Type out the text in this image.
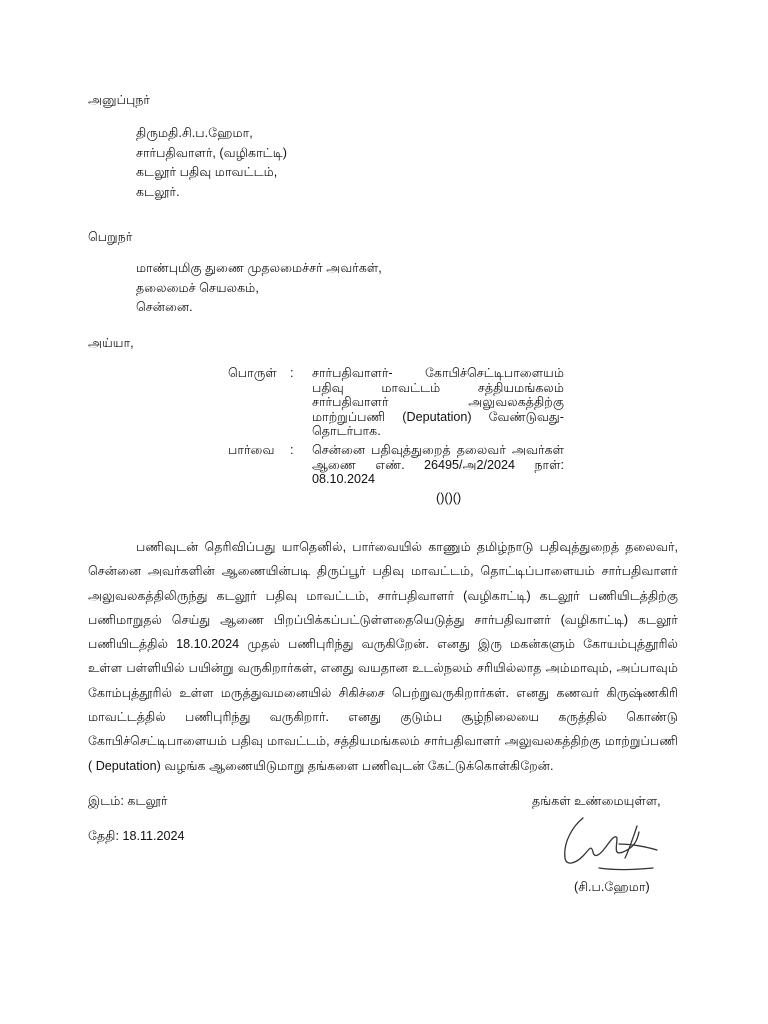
அனுப்புநர்
திருமதி.சி.ப.ஹேமா,
சார்பதிவாளர், (வழிகாட்டி)
கடலூர் பதிவு மாவட்டம்,
கடலூர்.
பெறுநர்
மாண்புமிகு துணை முதலமைச்சர் அவர்கள்,
தலைமைச் செயலகம்,
சென்னை.
அய்யா,
பொருள் : சார்பதிவாளர்- கோபிச்செட்டிபாளையம் பதிவு மாவட்டம் சத்தியமங்கலம் சார்பதிவாளர் அலுவலகத்திற்கு மாற்றுப்பணி (Deputation) வேண்டுவது- தொடர்பாக.
பார்வை : சென்னை பதிவுத்துறைத் தலைவர் அவர்கள் ஆணை எண். 26495/அ2/2024 நாள்: 08.10.2024
()()()
பணிவுடன் தெரிவிப்பது யாதெனில், பார்வையில் காணும் தமிழ்நாடு பதிவுத்துறைத் தலைவர், சென்னை அவர்களின் ஆணையின்படி திருப்பூர் பதிவு மாவட்டம், தொட்டிப்பாளையம் சார்பதிவாளர் அலுவலகத்திலிருந்து கடலூர் பதிவு மாவட்டம், சார்பதிவாளர் (வழிகாட்டி) கடலூர் பணியிடத்திற்கு பணிமாறுதல் செய்து ஆணை பிறப்பிக்கப்பட்டுள்ளதையெடுத்து சார்பதிவாளர் (வழிகாட்டி) கடலூர் பணியிடத்தில் 18.10.2024 முதல் பணிபுரிந்து வருகிறேன். எனது இரு மகன்களும் கோயம்புத்தூரில் உள்ள பள்ளியில் பயின்று வருகிறார்கள், எனது வயதான உடல்நலம் சரியில்லாத அம்மாவும், அப்பாவும் கோம்புத்தூரில் உள்ள மருத்துவமனையில் சிகிச்சை பெற்றுவருகிறார்கள். எனது கணவர் கிருஷ்ணகிரி மாவட்டத்தில் பணிபுரிந்து வருகிறார். எனது குடும்ப சூழ்நிலையை கருத்தில் கொண்டு கோபிச்செட்டிபாளையம் பதிவு மாவட்டம், சத்தியமங்கலம் சார்பதிவாளர் அலுவலகத்திற்கு மாற்றுப்பணி ( Deputation) வழங்க ஆணையிடுமாறு தங்களை பணிவுடன் கேட்டுக்கொள்கிறேன்.
இடம்: கடலூர்	தங்கள் உண்மையுள்ள,
தேதி: 18.11.2024
(சி.ப.ஹேமா)
